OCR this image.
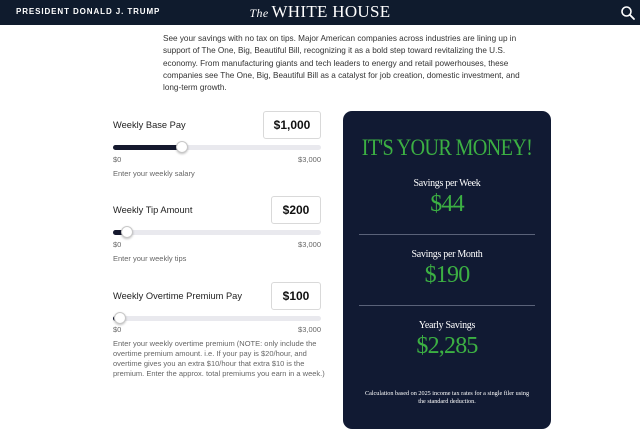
PRESIDENT DONALD J. TRUMP	The WHITE HOUSE

See your savings with no tax on tips. Major American companies across industries are lining up in support of The One, Big, Beautiful Bill, recognizing it as a bold step toward revitalizing the U.S. economy. From manufacturing giants and tech leaders to energy and retail powerhouses, these companies see The One, Big, Beautiful Bill as a catalyst for job creation, domestic investment, and long-term growth.

Weekly Base Pay	$1,000
$0	$3,000
Enter your weekly salary
Weekly Tip Amount	$200
$0	$3,000
Enter your weekly tips
Weekly Overtime Premium Pay	$100
$0	$3,000
Enter your weekly overtime premium (NOTE: only include the overtime premium amount. i.e. If your pay is $20/hour, and overtime gives you an extra $10/hour that extra $10 is the premium. Enter the approx. total premiums you earn in a week.)
IT'S YOUR MONEY!
Savings per Week
$44
Savings per Month
$190
Yearly Savings
$2,285
Calculation based on 2025 income tax rates for a single filer using the standard deduction.
